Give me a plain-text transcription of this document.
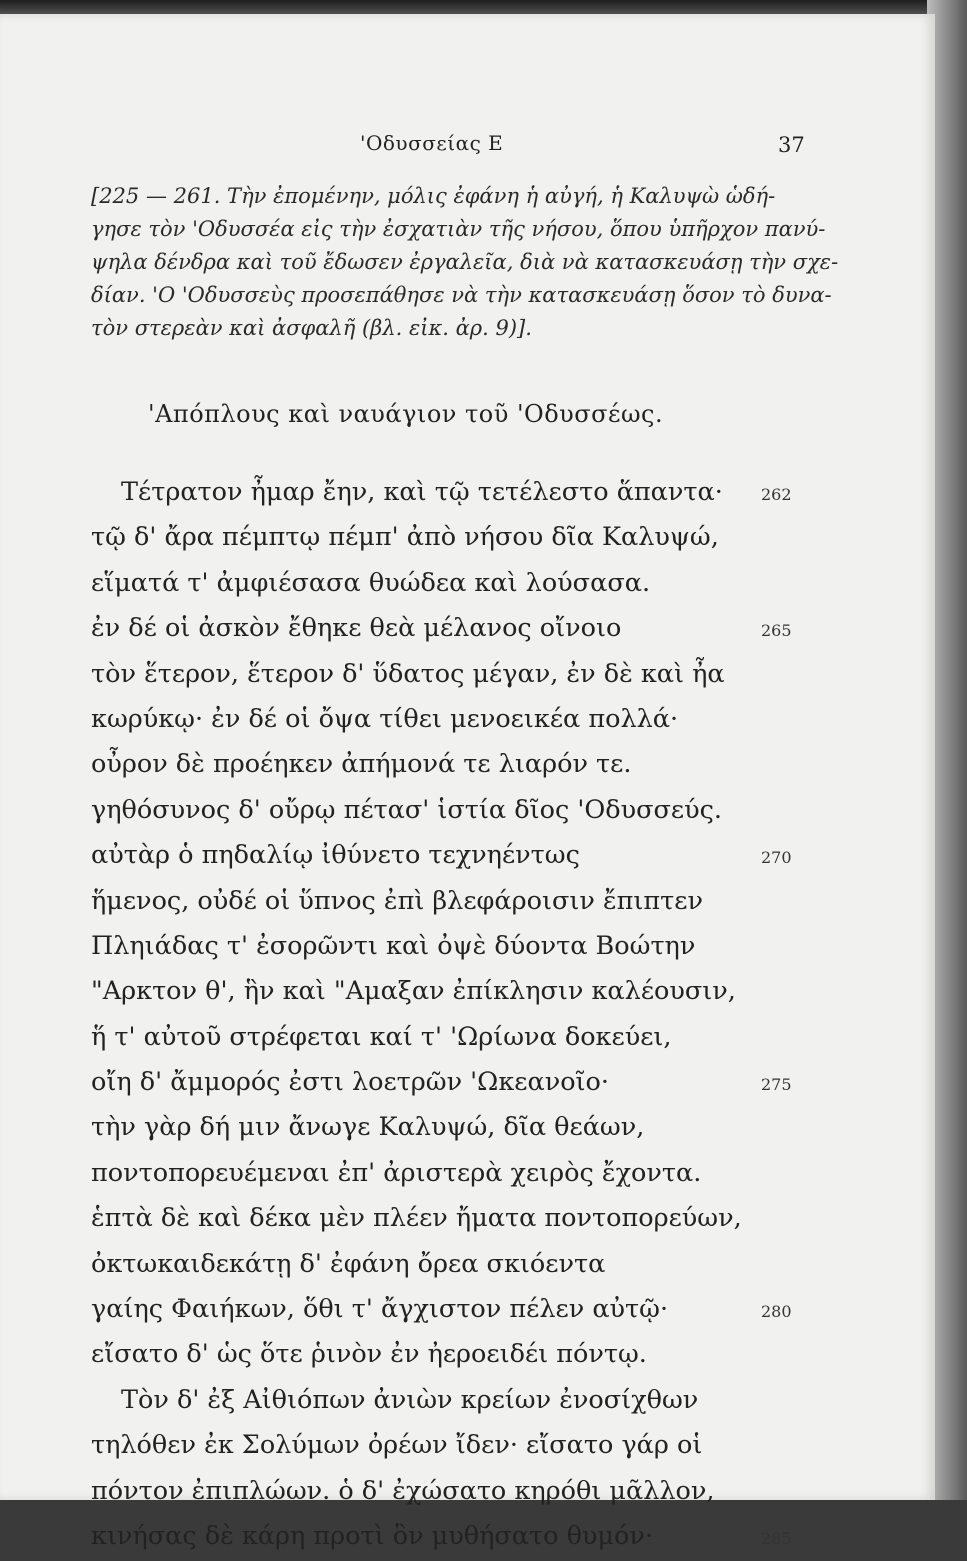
'Οδυσσείας Ε	37

[225 — 261. Τὴν ἐπομένην, μόλις ἐφάνη ἡ αὐγή, ἡ Καλυψὼ ὡδή-
γησε τὸν 'Οδυσσέα εἰς τὴν ἐσχατιὰν τῆς νήσου, ὅπου ὑπῆρχον πανύ-
ψηλα δένδρα καὶ τοῦ ἔδωσεν ἐργαλεῖα, διὰ νὰ κατασκευάσῃ τὴν σχε-
δίαν. 'Ο 'Οδυσσεὺς προσεπάθησε νὰ τὴν κατασκευάσῃ ὅσον τὸ δυνα-
τὸν στερεὰν καὶ ἀσφαλῆ (βλ. εἰκ. ἀρ. 9)].

'Απόπλους καὶ ναυάγιον τοῦ 'Οδυσσέως.
Τέτρατον ἦμαρ ἔην, καὶ τῷ τετέλεστο ἅπαντα· 262
τῷ δ' ἄρα πέμπτῳ πέμπ' ἀπὸ νήσου δῖα Καλυψώ,
εἵματά τ' ἀμφιέσασα θυώδεα καὶ λούσασα.
ἐν δέ οἱ ἀσκὸν ἔθηκε θεὰ μέλανος οἴνοιο	265
τὸν ἕτερον, ἕτερον δ' ὕδατος μέγαν, ἐν δὲ καὶ ἦα
κωρύκῳ· ἐν δέ οἱ ὄψα τίθει μενοεικέα πολλά·
οὖρον δὲ προέηκεν ἀπήμονά τε λιαρόν τε.
γηθόσυνος δ' οὔρῳ πέτασ' ἱστία δῖος 'Οδυσσεύς.
αὐτὰρ ὁ πηδαλίῳ ἰθύνετο τεχνηέντως	270
ἥμενος, οὐδέ οἱ ὕπνος ἐπὶ βλεφάροισιν ἔπιπτεν
Πληιάδας τ' ἐσορῶντι καὶ ὀψὲ δύοντα Βοώτην
"Αρκτον θ', ἣν καὶ "Αμαξαν ἐπίκλησιν καλέουσιν,
ἥ τ' αὐτοῦ στρέφεται καί τ' 'Ωρίωνα δοκεύει,
οἴη δ' ἄμμορός ἐστι λοετρῶν 'Ωκεανοῖο·	275
τὴν γὰρ δή μιν ἄνωγε Καλυψώ, δῖα θεάων,
ποντοπορευέμεναι ἐπ' ἀριστερὰ χειρὸς ἔχοντα.
ἑπτὰ δὲ καὶ δέκα μὲν πλέεν ἤματα ποντοπορεύων,
ὀκτωκαιδεκάτῃ δ' ἐφάνη ὄρεα σκιόεντα
γαίης Φαιήκων, ὅθι τ' ἄγχιστον πέλεν αὐτῷ·	280
εἴσατο δ' ὡς ὅτε ῥινὸν ἐν ἠεροειδέι πόντῳ.
Τὸν δ' ἐξ Αἰθιόπων ἀνιὼν κρείων ἐνοσίχθων
τηλόθεν ἐκ Σολύμων ὀρέων ἴδεν· εἴσατο γάρ οἱ
πόντον ἐπιπλώων. ὁ δ' ἐχώσατο κηρόθι μᾶλλον,
κινήσας δὲ κάρη προτὶ ὃν μυθήσατο θυμόν·	285
